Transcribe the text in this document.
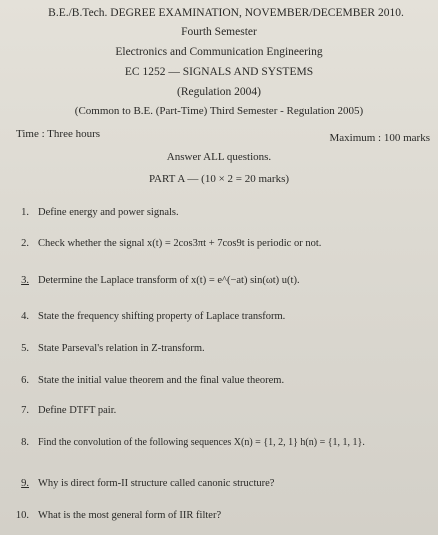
B.E./B.Tech. DEGREE EXAMINATION, NOVEMBER/DECEMBER 2010.
Fourth Semester
Electronics and Communication Engineering
EC 1252 — SIGNALS AND SYSTEMS
(Regulation 2004)
(Common to B.E. (Part-Time) Third Semester - Regulation 2005)
Time : Three hours	Maximum : 100 marks
Answer ALL questions.
PART A — (10 × 2 = 20 marks)
1. Define energy and power signals.
2. Check whether the signal x(t) = 2cos3πt + 7cos9t is periodic or not.
3. Determine the Laplace transform of x(t) = e^(−at) sin(ωt) u(t).
4. State the frequency shifting property of Laplace transform.
5. State Parseval's relation in Z-transform.
6. State the initial value theorem and the final value theorem.
7. Define DTFT pair.
8. Find the convolution of the following sequences X(n) = {1, 2, 1} h(n) = {1, 1, 1}.
9. Why is direct form-II structure called canonic structure?
10. What is the most general form of IIR filter?
